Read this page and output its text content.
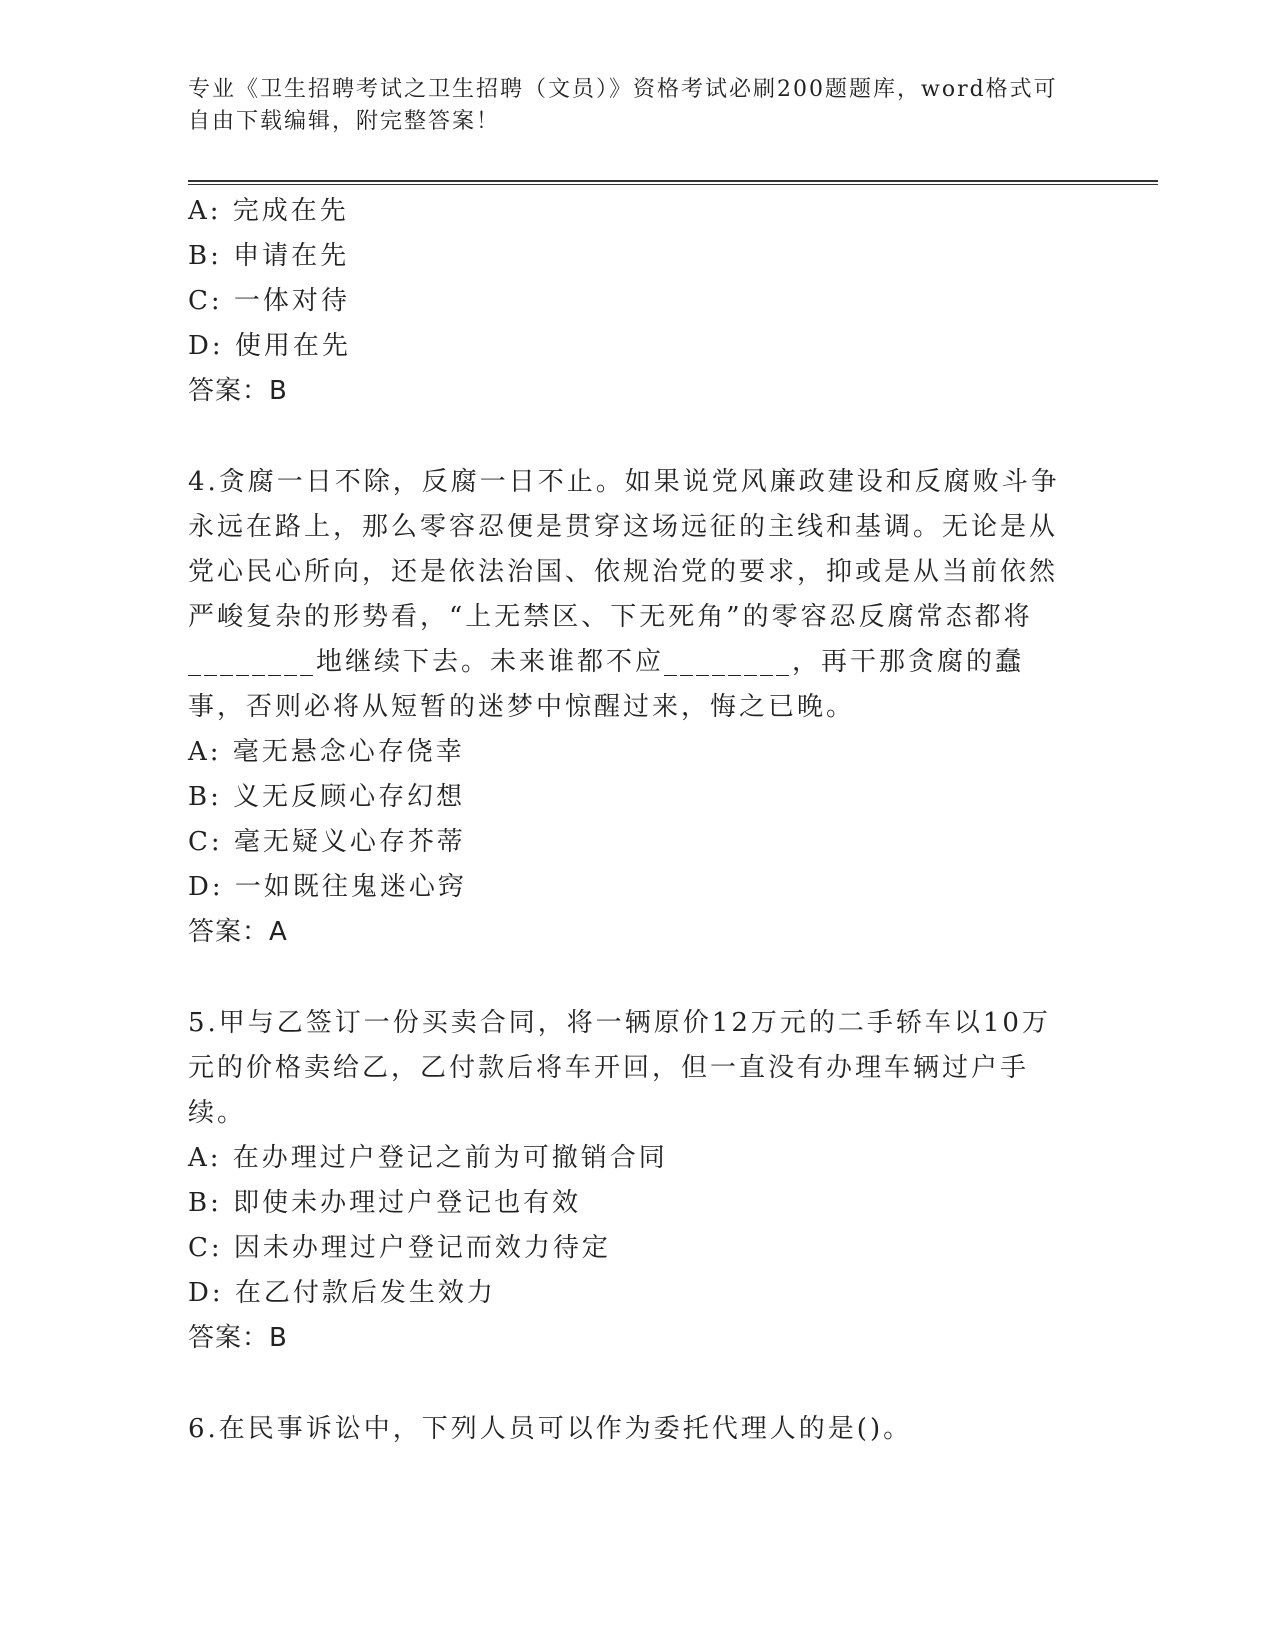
专业《卫生招聘考试之卫生招聘（文员）》资格考试必刷200题题库，word格式可自由下载编辑，附完整答案！

A: 完成在先

B: 申请在先

C: 一体对待

D: 使用在先

答案：B

4.贪腐一日不除，反腐一日不止。如果说党风廉政建设和反腐败斗争永远在路上，那么零容忍便是贯穿这场远征的主线和基调。无论是从党心民心所向，还是依法治国、依规治党的要求，抑或是从当前依然严峻复杂的形势看，“上无禁区、下无死角”的零容忍反腐常态都将________地继续下去。未来谁都不应________，再干那贪腐的蠢事，否则必将从短暂的迷梦中惊醒过来，悔之已晚。

A: 毫无悬念心存侥幸

B: 义无反顾心存幻想

C: 毫无疑义心存芥蒂

D: 一如既往鬼迷心窍

答案：A

5.甲与乙签订一份买卖合同，将一辆原价12万元的二手轿车以10万元的价格卖给乙，乙付款后将车开回，但一直没有办理车辆过户手续。

A: 在办理过户登记之前为可撤销合同

B: 即使未办理过户登记也有效

C: 因未办理过户登记而效力待定

D: 在乙付款后发生效力

答案：B

6.在民事诉讼中，下列人员可以作为委托代理人的是()。
